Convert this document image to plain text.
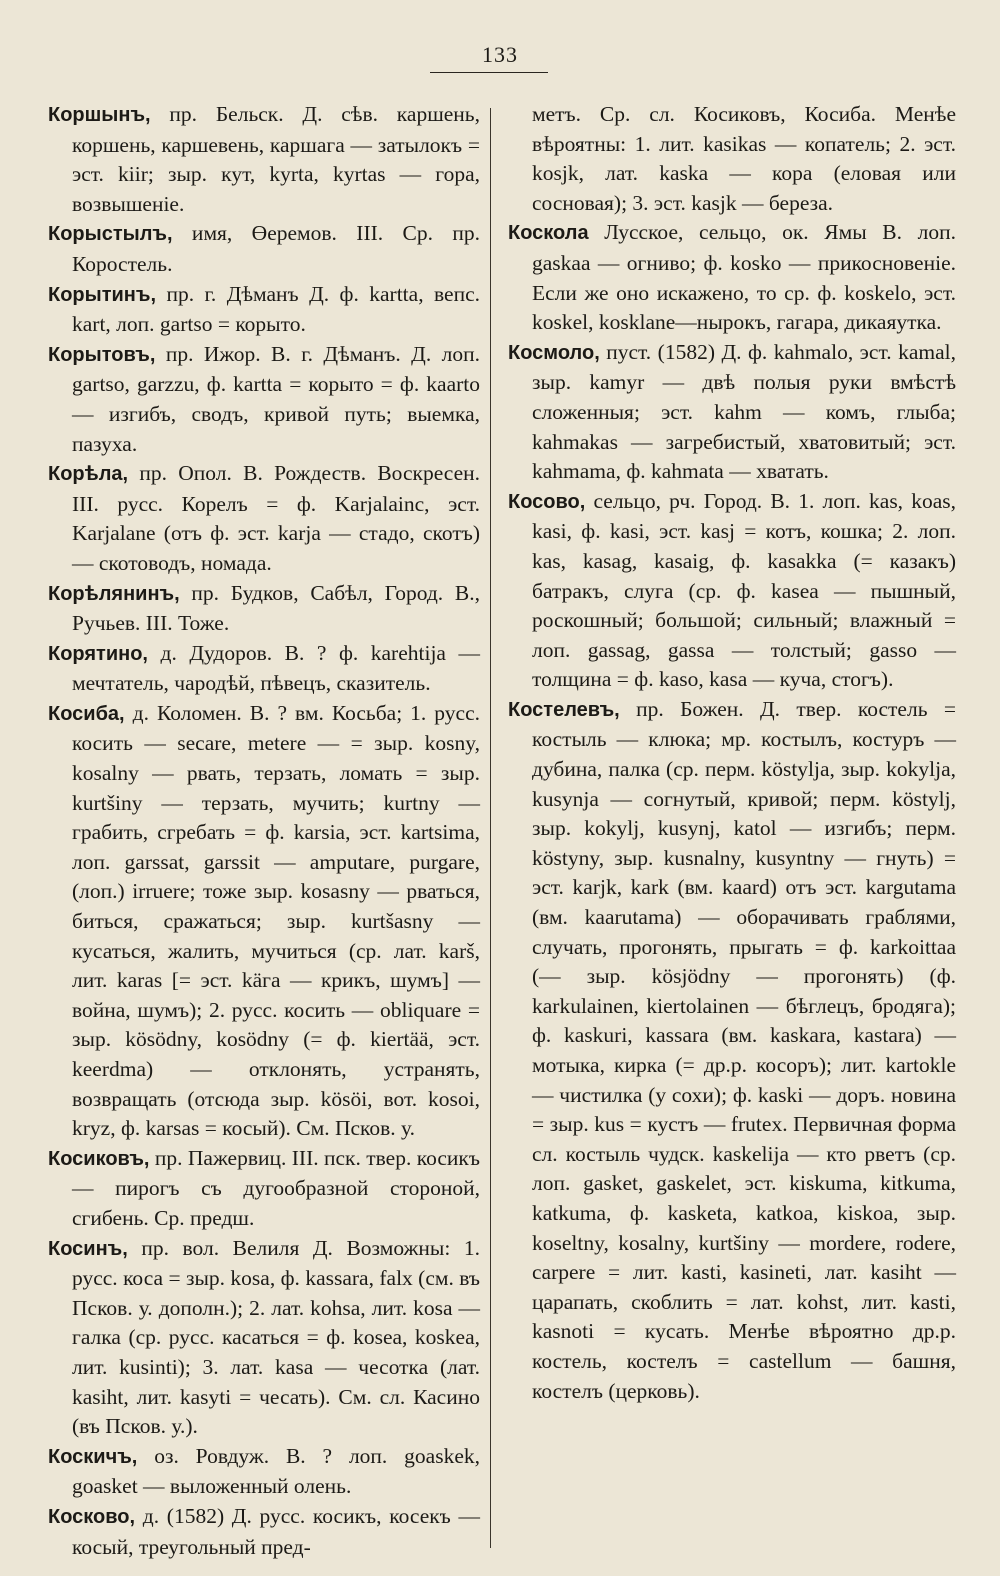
133

Коршынъ, пр. Бельск. Д. сѣв. каршень, коршень, каршевень, каршага — затылокъ = эст. kiir; зыр. кут, kyrta, kyrtas — гора, возвышеніе.

Корыстылъ, имя, Өеремов. III. Ср. пр. Коростель.

Корытинъ, пр. г. Дѣманъ Д. ф. kartta, вепс. kart, лоп. gartso = корыто.

Корытовъ, пр. Ижор. В. г. Дѣманъ. Д. лоп. gartso, garzzu, ф. kartta = корыто = ф. kaarto — изгибъ, сводъ, кривой путь; выемка, пазуха.

Корѣла, пр. Опол. В. Рождеств. Воскресен. III. русс. Корелъ = ф. Karjalainc, эст. Karjalane (отъ ф. эст. karja — стадо, скотъ) — скотоводъ, номада.

Корѣлянинъ, пр. Будков, Сабѣл, Город. В., Ручьев. III. Тоже.

Корятино, д. Дудоров. В. ? ф. karehtija — мечтатель, чародѣй, пѣвецъ, сказитель.

Косиба, д. Коломен. В. ? вм. Косьба; 1. русс. косить — secare, metere — = зыр. kosny, kosalny — рвать, терзать, ломать = зыр. kurtšiny — терзать, мучить; kurtny — грабить, сгребать = ф. karsia, эст. kartsima, лоп. garssat, garssit — amputare, purgare, (лоп.) irruere; тоже зыр. kosasny — рваться, биться, сражаться; зыр. kurtšasny — кусаться, жалить, мучиться (ср. лат. karš, лит. karas [= эст. käга — крикъ, шумъ] — война, шумъ); 2. русс. косить — obliquare = зыр. kösödny, kosödny (= ф. kiertää, эст. keerdma) — отклонять, устранять, возвращать (отсюда зыр. kösöi, вот. kosoi, kryz, ф. karsas = косый). См. Псков. у.

Косиковъ, пр. Пажервиц. III. пск. твер. косикъ — пирогъ съ дугообразной стороной, сгибень. Ср. предш.

Косинъ, пр. вол. Велиля Д. Возможны: 1. русс. коса = зыр. kosa, ф. kassara, falx (см. въ Псков. у. дополн.); 2. лат. kohsa, лит. kosa — галка (ср. русс. касаться = ф. kosea, koskea, лит. kusinti); 3. лат. kasa — чесотка (лат. kasiht, лит. kasyti = чесать). См. сл. Касино (въ Псков. у.).

Коскичъ, оз. Ровдуж. В. ? лоп. goaskek, goasket — выложенный олень.

Косково, д. (1582) Д. русс. косикъ, косекъ — косый, треугольный пред-

метъ. Ср. сл. Косиковъ, Косиба. Менѣе вѣроятны: 1. лит. kasikas — копатель; 2. эст. kosjk, лат. kaska — кора (еловая или сосновая); 3. эст. kasjk — береза.

Коскола Лусское, сельцо, ок. Ямы В. лоп. gaskaa — огниво; ф. kosko — прикосновеніе. Если же оно искажено, то ср. ф. koskelo, эст. koskel, kosklane—нырокъ, гагара, дикаяутка.

Космоло, пуст. (1582) Д. ф. kahmalo, эст. kamal, зыр. kamyr — двѣ полыя руки вмѣстѣ сложенныя; эст. kahm — комъ, глыба; kahmakas — загребистый, хватовитый; эст. kahmama, ф. kahmata — хватать.

Косово, сельцо, рч. Город. В. 1. лоп. kas, koas, kasi, ф. kasi, эст. kasj = котъ, кошка; 2. лоп. kas, kasag, kasaig, ф. kasakka (= казакъ) батракъ, слуга (ср. ф. kasea — пышный, роскошный; большой; сильный; влажный = лоп. gassag, gassa — толстый; gasso — толщина = ф. kaso, kasa — куча, стогъ).

Костелевъ, пр. Божен. Д. твер. костель = костыль — клюка; мр. костылъ, костуръ — дубина, палка (ср. перм. köstylja, зыр. kokylja, kusynja — согнутый, кривой; перм. köstylj, зыр. kokylj, kusynj, katol — изгибъ; перм. köstyny, зыр. kusnalny, kusyntny — гнуть) = эст. karjk, kark (вм. kaard) отъ эст. kargutama (вм. kaarutama) — оборачивать граблями, случать, прогонять, прыгать = ф. karkoittaa (— зыр. kösjödny — прогонять) (ф. karkulainen, kiertolainen — бѣглецъ, бродяга); ф. kaskuri, kassara (вм. kaskara, kastara) — мотыка, кирка (= др.р. косоръ); лит. kartokle — чистилка (у сохи); ф. kaski — доръ. новина = зыр. kus = кустъ — frutex. Первичная форма сл. костыль чудск. kaskelija — кто рветъ (ср. лоп. gasket, gaskelet, эст. kiskuma, kitkuma, katkuma, ф. kasketa, katkoa, kiskoa, зыр. koseltny, kosalny, kurtšiny — mordere, rodere, carpere = лит. kasti, kasineti, лат. kasiht — царапать, скоблить = лат. kohst, лит. kasti, kasnoti = кусать. Менѣе вѣроятно др.р. костель, костелъ = castellum — башня, костелъ (церковь).
